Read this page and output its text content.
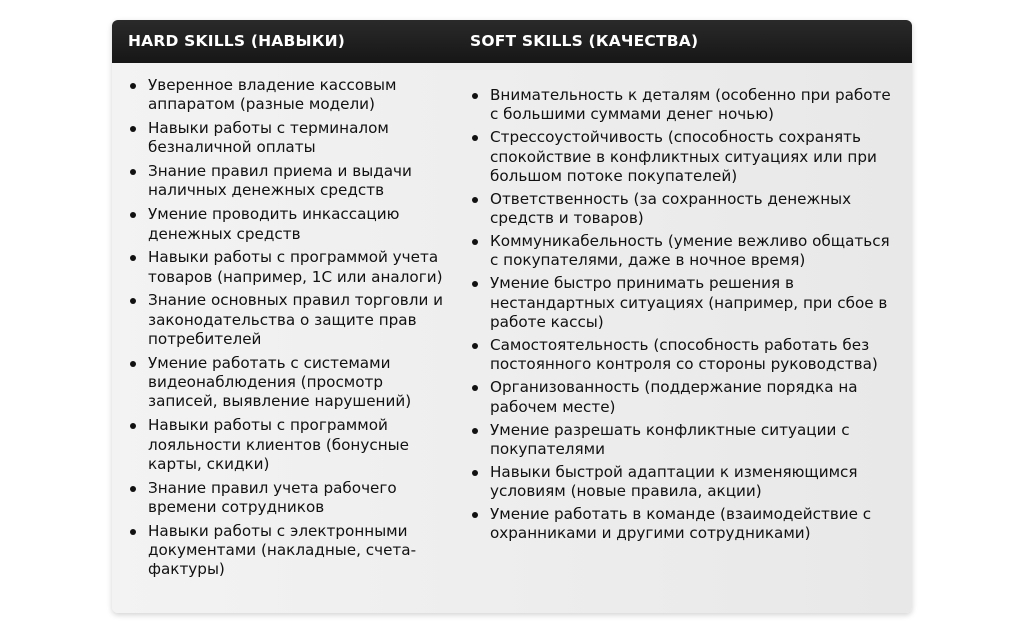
HARD SKILLS (НАВЫКИ)	SOFT SKILLS (КАЧЕСТВА)
Уверенное владение кассовым аппаратом (разные модели)
Навыки работы с терминалом безналичной оплаты
Знание правил приема и выдачи наличных денежных средств
Умение проводить инкассацию денежных средств
Навыки работы с программой учета товаров (например, 1С или аналоги)
Знание основных правил торговли и законодательства о защите прав потребителей
Умение работать с системами видеонаблюдения (просмотр записей, выявление нарушений)
Навыки работы с программой лояльности клиентов (бонусные карты, скидки)
Знание правил учета рабочего времени сотрудников
Навыки работы с электронными документами (накладные, счета-фактуры)
Внимательность к деталям (особенно при работе с большими суммами денег ночью)
Стрессоустойчивость (способность сохранять спокойствие в конфликтных ситуациях или при большом потоке покупателей)
Ответственность (за сохранность денежных средств и товаров)
Коммуникабельность (умение вежливо общаться с покупателями, даже в ночное время)
Умение быстро принимать решения в нестандартных ситуациях (например, при сбое в работе кассы)
Самостоятельность (способность работать без постоянного контроля со стороны руководства)
Организованность (поддержание порядка на рабочем месте)
Умение разрешать конфликтные ситуации с покупателями
Навыки быстрой адаптации к изменяющимся условиям (новые правила, акции)
Умение работать в команде (взаимодействие с охранниками и другими сотрудниками)
